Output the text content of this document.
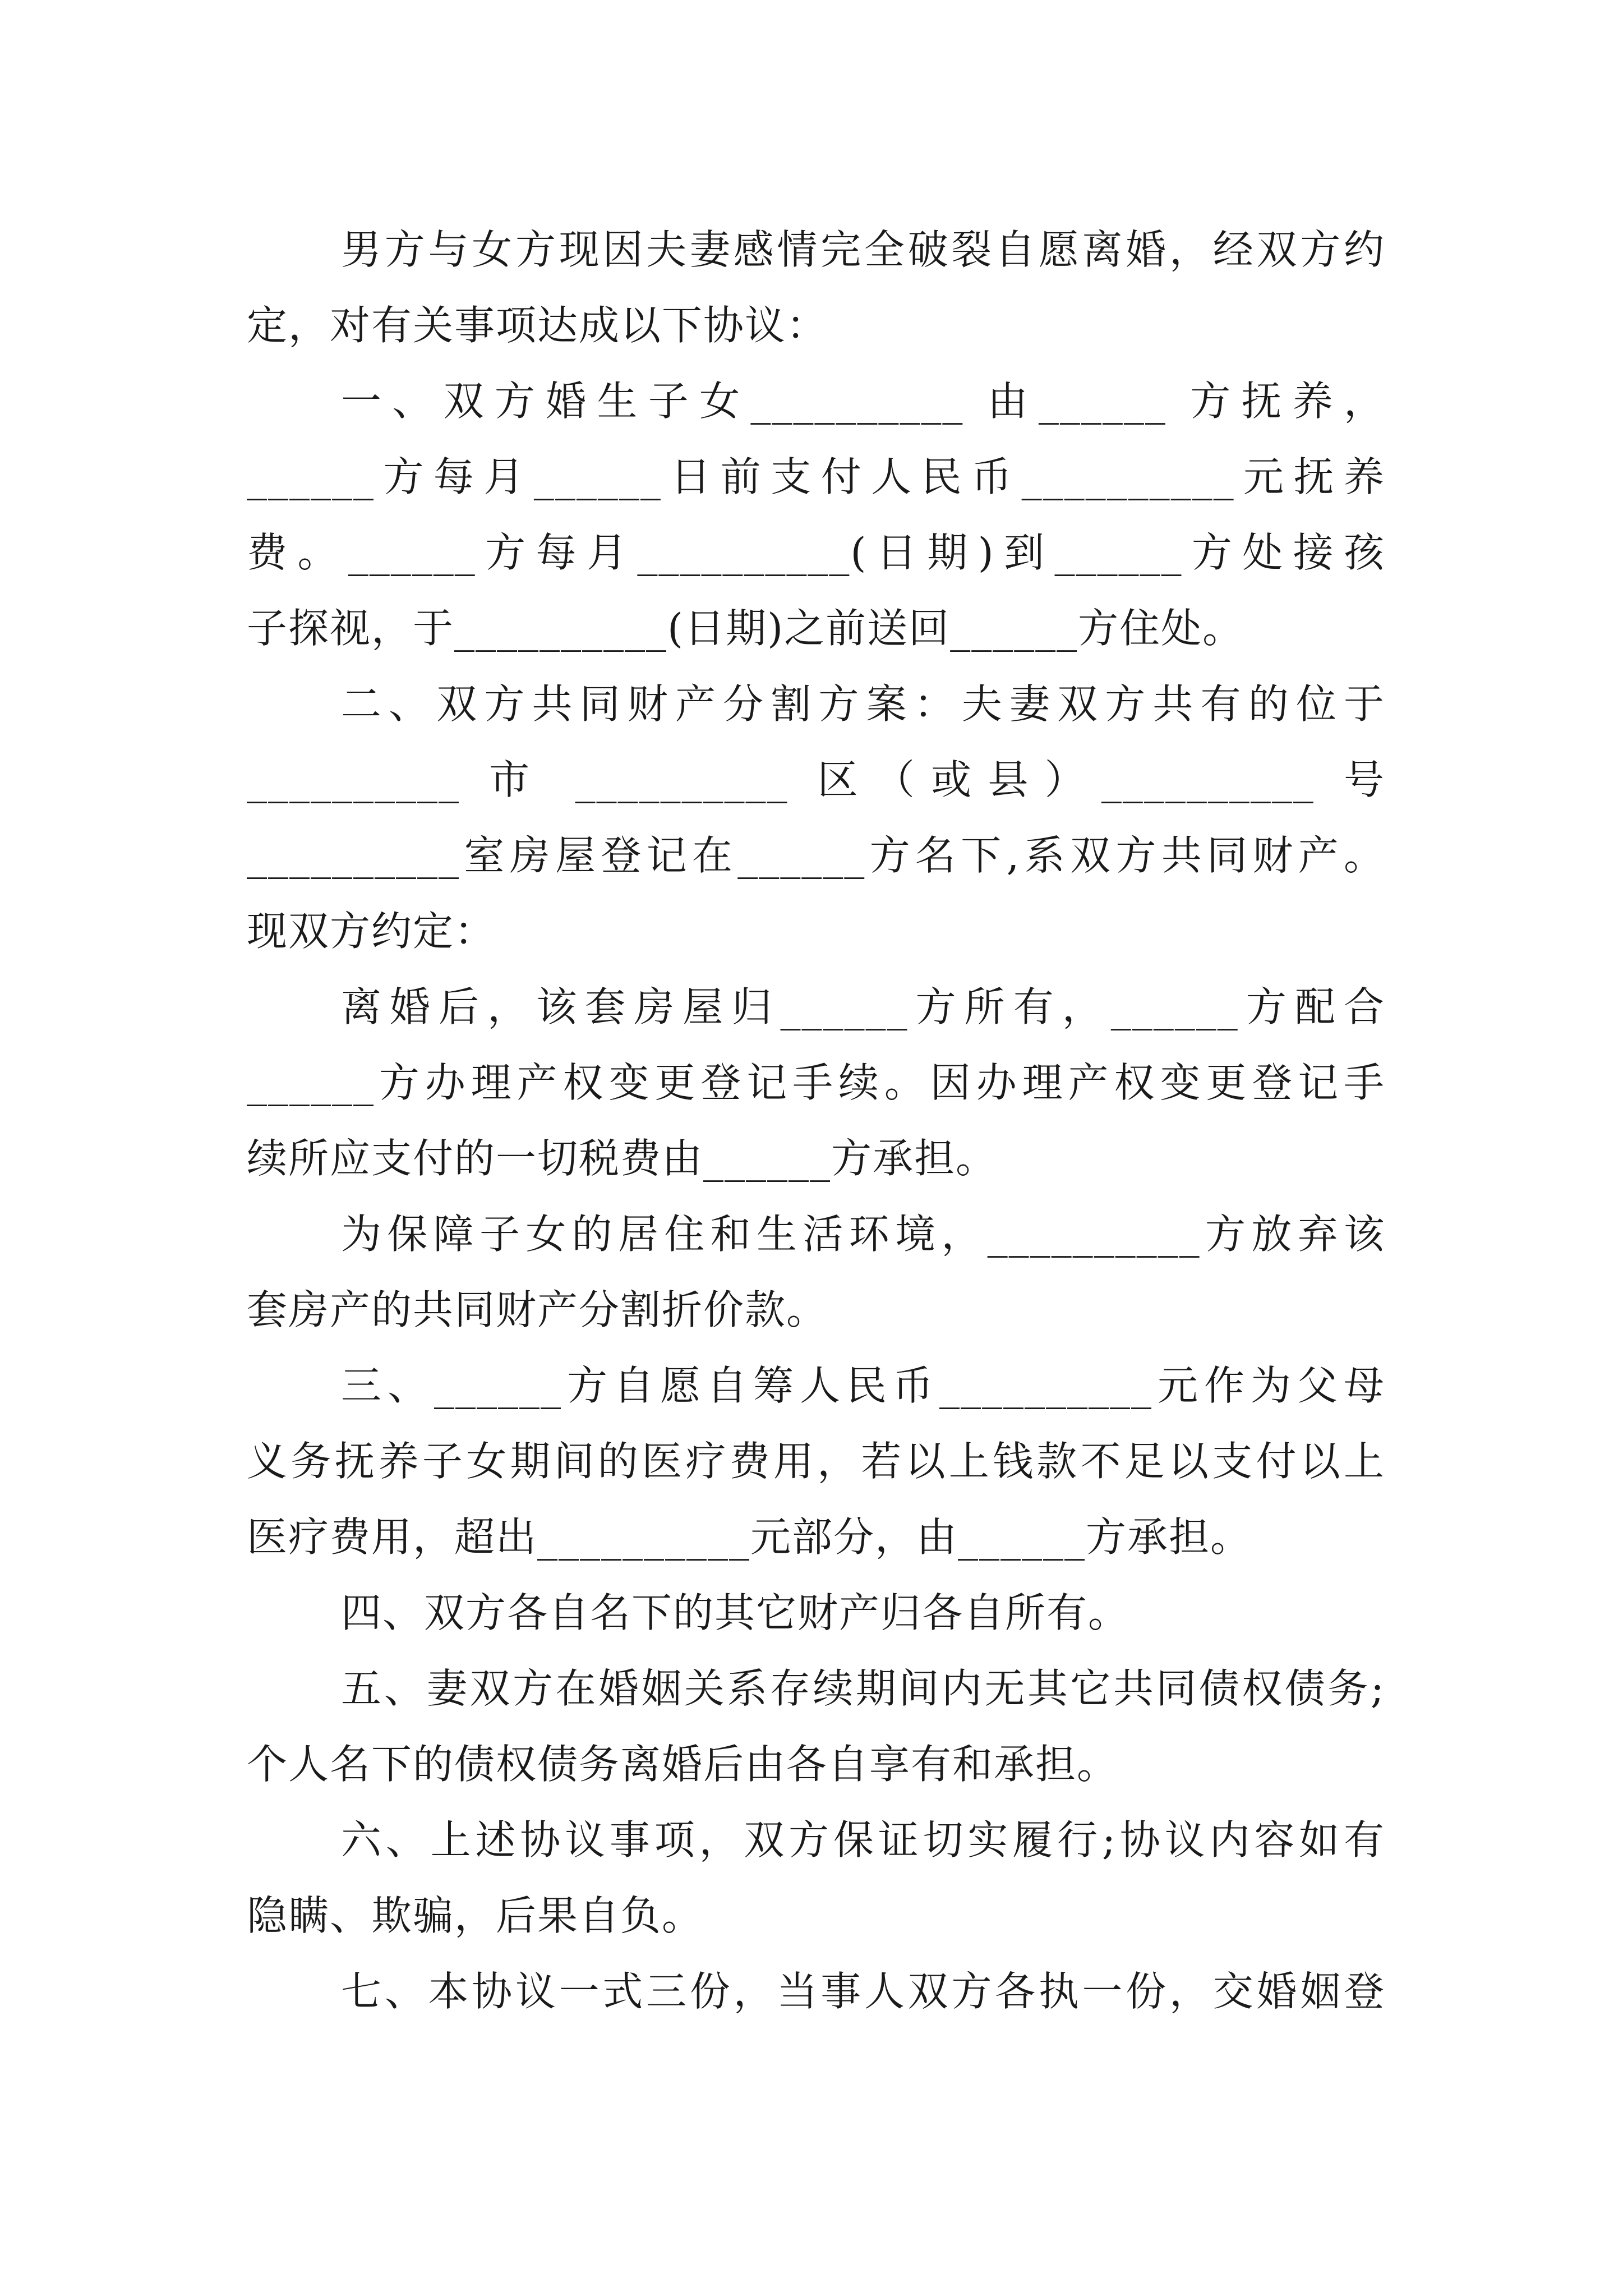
男方与女方现因夫妻感情完全破裂自愿离婚，经双方约
定，对有关事项达成以下协议：
一、双方婚生子女__________ 由______ 方抚养，
______方每月______日前支付人民币__________元抚养
费。______方每月__________(日期)到______方处接孩
子探视，于__________(日期)之前送回______方住处。
二、双方共同财产分割方案：夫妻双方共有的位于
__________ 市 __________ 区（或县）__________ 号
__________室房屋登记在______方名下,系双方共同财产。
现双方约定：
离婚后，该套房屋归______方所有，______方配合
______方办理产权变更登记手续。因办理产权变更登记手
续所应支付的一切税费由______方承担。
为保障子女的居住和生活环境，__________方放弃该
套房产的共同财产分割折价款。
三、______方自愿自筹人民币__________元作为父母
义务抚养子女期间的医疗费用，若以上钱款不足以支付以上
医疗费用，超出__________元部分，由______方承担。
四、双方各自名下的其它财产归各自所有。
五、妻双方在婚姻关系存续期间内无其它共同债权债务;
个人名下的债权债务离婚后由各自享有和承担。
六、上述协议事项，双方保证切实履行;协议内容如有
隐瞒、欺骗，后果自负。
七、本协议一式三份，当事人双方各执一份，交婚姻登
